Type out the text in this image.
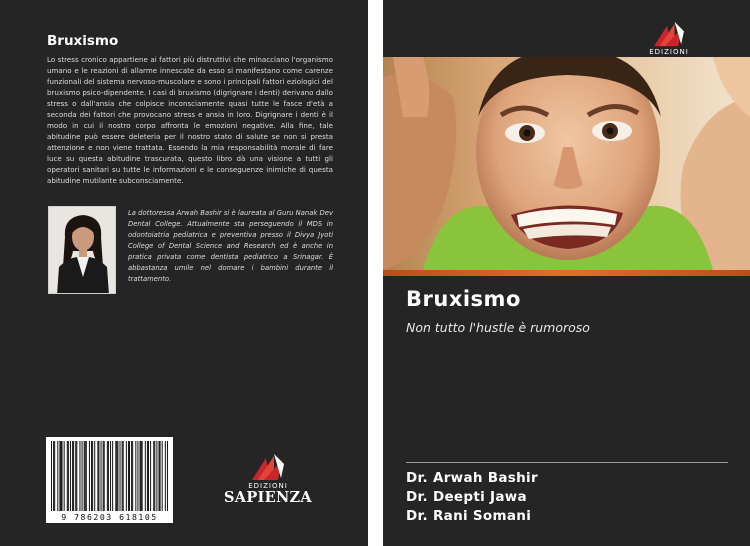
Bruxismo
Lo stress cronico appartiene ai fattori più distruttivi che minacciano l'organismo umano e le reazioni di allarme innescate da esso si manifestano come carenze funzionali del sistema nervoso-muscolare e sono i principali fattori eziologici del bruxismo psico-dipendente. I casi di bruxismo (digrignare i denti) derivano dallo stress o dall'ansia che colpisce inconsciamente quasi tutte le fasce d'età a seconda dei fattori che provocano stress e ansia in loro. Digrignare i denti è il modo in cui il nostro corpo affronta le emozioni negative. Alla fine, tale abitudine può essere deleteria per il nostro stato di salute se non si presta attenzione e non viene trattata. Essendo la mia responsabilità morale di fare luce su questa abitudine trascurata, questo libro dà una visione a tutti gli operatori sanitari su tutte le informazioni e le conseguenze inimiche di questa abitudine mutilante subconsciamente.
La dottoressa Arwah Bashir si è laureata al Guru Nanak Dev Dental College. Attualmente sta perseguendo il MDS in odontoiatria pediatrica e preventiva presso il Divya Jyoti College of Dental Science and Research ed è anche in pratica privata come dentista pediatrico a Srinagar. È abbastanza umile nel domare i bambini durante il trattamento.
9 786203 618105
EDIZIONI
SAPIENZA
EDIZIONI
Bruxismo
Non tutto l'hustle è rumoroso
Dr. Arwah Bashir
Dr. Deepti Jawa
Dr. Rani Somani
